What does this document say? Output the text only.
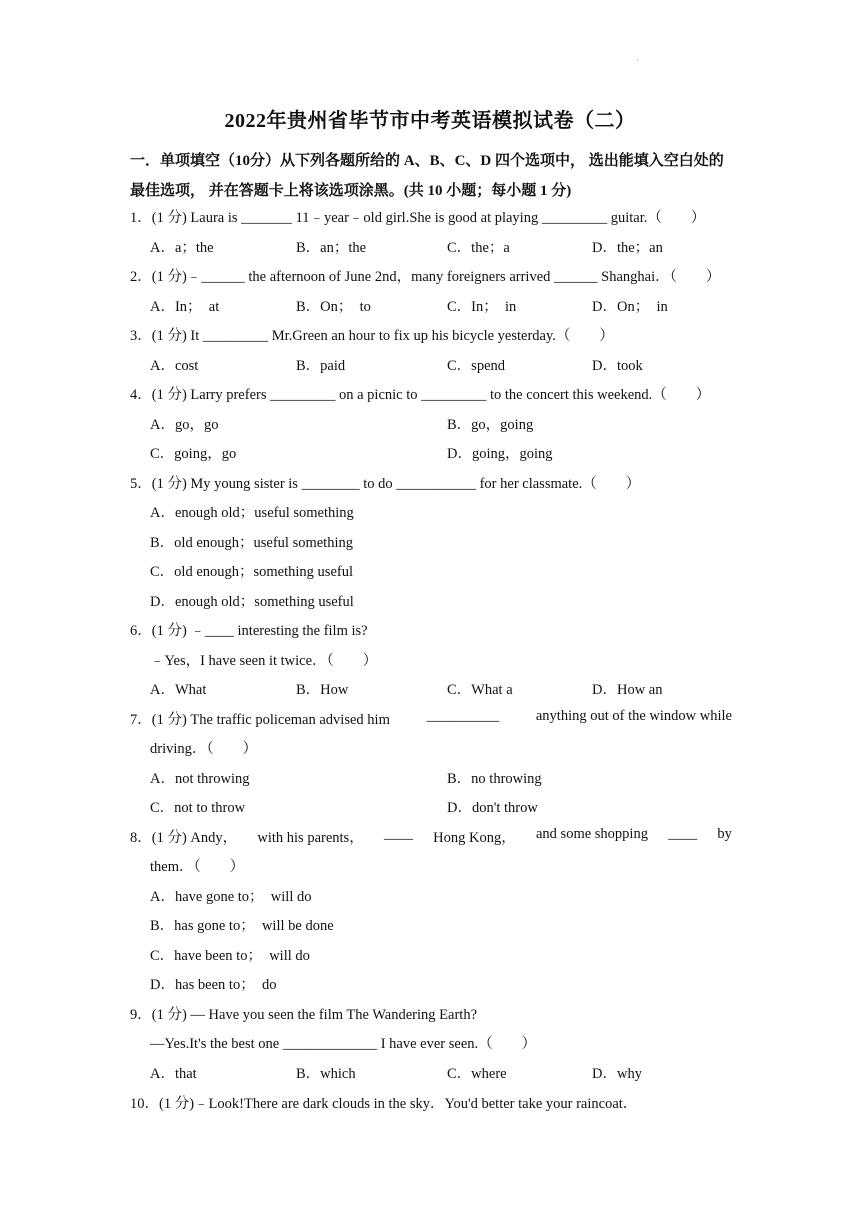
·
2022年贵州省毕节市中考英语模拟试卷（二）
一．单项填空（10分）从下列各题所给的 A、B、C、D 四个选项中， 选出能填入空白处的最佳选项， 并在答题卡上将该选项涂黑。(共 10 小题；每小题 1 分)
1．(1 分) Laura is _______ 11﹣year﹣old girl.She is good at playing _________ guitar.（　　）
A．a；the	B．an；the	C．the；a	D．the；an
2．(1 分)﹣______ the afternoon of June 2nd，many foreigners arrived ______ Shanghai．（　　）
A．In；　at	B．On；　to	C．In；　in	D．On；　in
3．(1 分) It _________ Mr.Green an hour to fix up his bicycle yesterday.（　　）
A．cost	B．paid	C．spend	D．took
4．(1 分) Larry prefers _________ on a picnic to _________ to the concert this weekend.（　　）
A．go，go	B．go，going
C．going，go	D．going，going
5．(1 分) My young sister is ________ to do ___________ for her classmate.（　　）
A．enough old；useful something
B．old enough；useful something
C．old enough；something useful
D．enough old；something useful
6．(1 分) ﹣____ interesting the film is?
﹣Yes，I have seen it twice．（　　）
A．What	B．How	C．What a	D．How an
7．(1 分) The traffic policeman advised him	__________	anything out of the window while
driving．（　　）
A．not throwing	B．no throwing
C．not to throw	D．don't throw
8．(1 分) Andy， with his parents， ____ Hong Kong， and some shopping ____ by
them．（　　）
A．have gone to；　will do
B．has gone to；　will be done
C．have been to；　will do
D．has been to；　do
9．(1 分) — Have you seen the film The Wandering Earth?
—Yes.It's the best one _____________ I have ever seen.（　　）
A．that	B．which	C．where	D．why
10．(1 分)﹣Look!There are dark clouds in the sky．You'd better take your raincoat．
